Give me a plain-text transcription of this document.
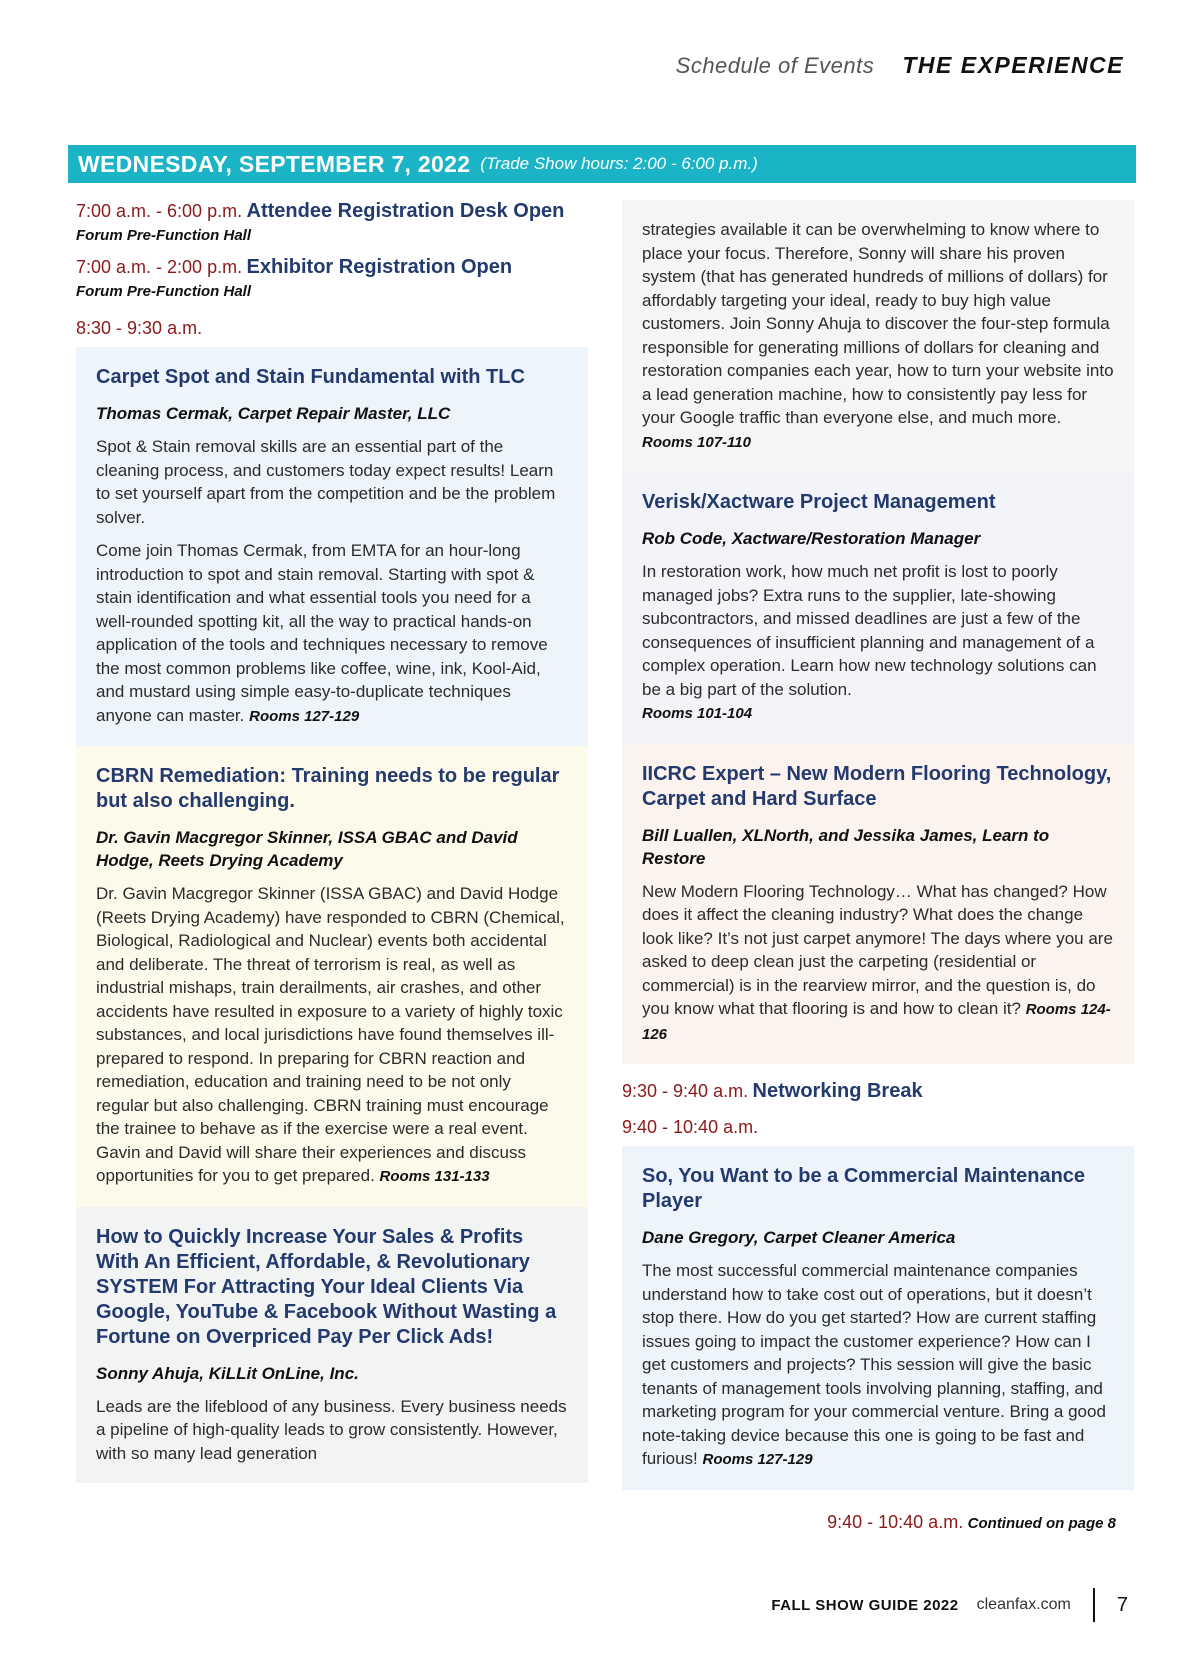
Schedule of Events THE EXPERIENCE
WEDNESDAY, SEPTEMBER 7, 2022 (Trade Show hours: 2:00 - 6:00 p.m.)
7:00 a.m. - 6:00 p.m. Attendee Registration Desk Open
Forum Pre-Function Hall
7:00 a.m. - 2:00 p.m. Exhibitor Registration Open
Forum Pre-Function Hall
8:30 - 9:30 a.m.
Carpet Spot and Stain Fundamental with TLC
Thomas Cermak, Carpet Repair Master, LLC

Spot & Stain removal skills are an essential part of the cleaning process, and customers today expect results! Learn to set yourself apart from the competition and be the problem solver.

Come join Thomas Cermak, from EMTA for an hour-long introduction to spot and stain removal. Starting with spot & stain identification and what essential tools you need for a well-rounded spotting kit, all the way to practical hands-on application of the tools and techniques necessary to remove the most common problems like coffee, wine, ink, Kool-Aid, and mustard using simple easy-to-duplicate techniques anyone can master. Rooms 127-129

CBRN Remediation: Training needs to be regular but also challenging.
Dr. Gavin Macgregor Skinner, ISSA GBAC and David Hodge, Reets Drying Academy

Dr. Gavin Macgregor Skinner (ISSA GBAC) and David Hodge (Reets Drying Academy) have responded to CBRN (Chemical, Biological, Radiological and Nuclear) events both accidental and deliberate. The threat of terrorism is real, as well as industrial mishaps, train derailments, air crashes, and other accidents have resulted in exposure to a variety of highly toxic substances, and local jurisdictions have found themselves ill-prepared to respond. In preparing for CBRN reaction and remediation, education and training need to be not only regular but also challenging. CBRN training must encourage the trainee to behave as if the exercise were a real event. Gavin and David will share their experiences and discuss opportunities for you to get prepared. Rooms 131-133

How to Quickly Increase Your Sales & Profits With An Efficient, Affordable, & Revolutionary SYSTEM For Attracting Your Ideal Clients Via Google, YouTube & Facebook Without Wasting a Fortune on Overpriced Pay Per Click Ads!
Sonny Ahuja, KiLLit OnLine, Inc.

Leads are the lifeblood of any business. Every business needs a pipeline of high-quality leads to grow consistently. However, with so many lead generation

strategies available it can be overwhelming to know where to place your focus. Therefore, Sonny will share his proven system (that has generated hundreds of millions of dollars) for affordably targeting your ideal, ready to buy high value customers. Join Sonny Ahuja to discover the four-step formula responsible for generating millions of dollars for cleaning and restoration companies each year, how to turn your website into a lead generation machine, how to consistently pay less for your Google traffic than everyone else, and much more. Rooms 107-110

Verisk/Xactware Project Management
Rob Code, Xactware/Restoration Manager

In restoration work, how much net profit is lost to poorly managed jobs? Extra runs to the supplier, late-showing subcontractors, and missed deadlines are just a few of the consequences of insufficient planning and management of a complex operation. Learn how new technology solutions can be a big part of the solution.
Rooms 101-104

IICRC Expert – New Modern Flooring Technology, Carpet and Hard Surface
Bill Luallen, XLNorth, and Jessika James, Learn to Restore

New Modern Flooring Technology… What has changed? How does it affect the cleaning industry? What does the change look like? It’s not just carpet anymore! The days where you are asked to deep clean just the carpeting (residential or commercial) is in the rearview mirror, and the question is, do you know what that flooring is and how to clean it? Rooms 124-126

9:30 - 9:40 a.m. Networking Break
9:40 - 10:40 a.m.
So, You Want to be a Commercial Maintenance Player
Dane Gregory, Carpet Cleaner America

The most successful commercial maintenance companies understand how to take cost out of operations, but it doesn’t stop there. How do you get started? How are current staffing issues going to impact the customer experience? How can I get customers and projects? This session will give the basic tenants of management tools involving planning, staffing, and marketing program for your commercial venture. Bring a good note-taking device because this one is going to be fast and furious! Rooms 127-129

9:40 - 10:40 a.m. Continued on page 8
FALL SHOW GUIDE 2022 cleanfax.com 7
